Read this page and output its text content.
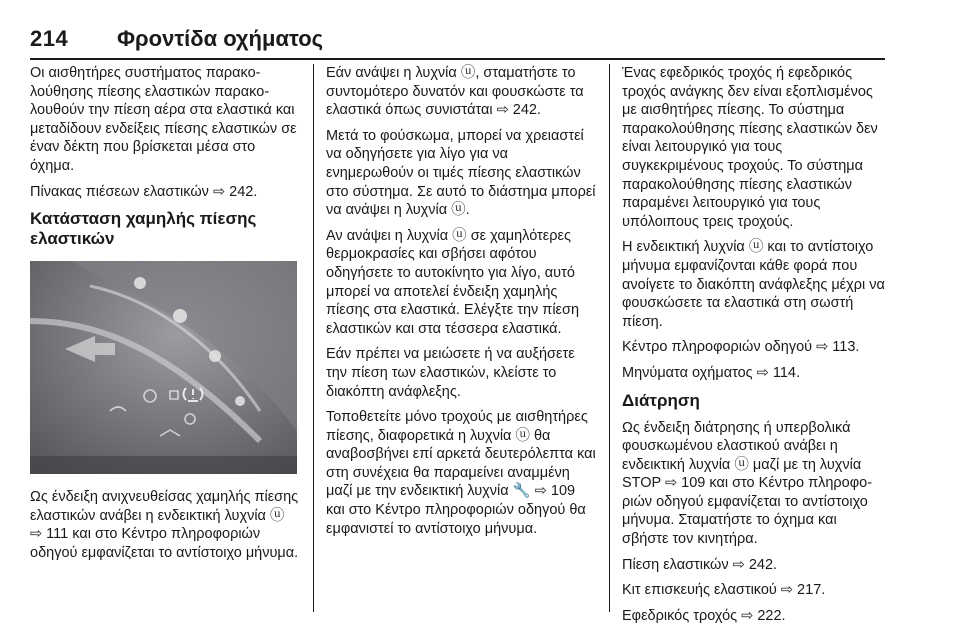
214 Φροντίδα οχήματος

Οι αισθητήρες συστήματος παρακολούθησης πίεσης ελαστικών παρακολουθούν την πίεση αέρα στα ελαστικά και μεταδίδουν ενδείξεις πίεσης ελαστικών σε έναν δέκτη που βρίσκεται μέσα στο όχημα.

Πίνακας πιέσεων ελαστικών ⇨ 242.

Κατάσταση χαμηλής πίεσης ελαστικών

Ως ένδειξη ανιχνευθείσας χαμηλής πίεσης ελαστικών ανάβει η ενδεικτική λυχνία ⓤ ⇨ 111 και στο Κέντρο πληροφοριών οδηγού εμφανίζεται το αντίστοιχο μήνυμα.

Εάν ανάψει η λυχνία ⓤ, σταματήστε το συντομότερο δυνατόν και φουσκώστε τα ελαστικά όπως συνιστάται ⇨ 242.

Μετά το φούσκωμα, μπορεί να χρειαστεί να οδηγήσετε για λίγο για να ενημερωθούν οι τιμές πίεσης ελαστικών στο σύστημα. Σε αυτό το διάστημα μπορεί να ανάψει η λυχνία ⓤ.

Αν ανάψει η λυχνία ⓤ σε χαμηλότερες θερμοκρασίες και σβήσει αφότου οδηγήσετε το αυτοκίνητο για λίγο, αυτό μπορεί να αποτελεί ένδειξη χαμηλής πίεσης στα ελαστικά. Ελέγξτε την πίεση ελαστικών και στα τέσσερα ελαστικά.

Εάν πρέπει να μειώσετε ή να αυξήσετε την πίεση των ελαστικών, κλείστε το διακόπτη ανάφλεξης.

Τοποθετείτε μόνο τροχούς με αισθητήρες πίεσης, διαφορετικά η λυχνία ⓤ θα αναβοσβήνει επί αρκετά δευτερόλεπτα και στη συνέχεια θα παραμείνει αναμμένη μαζί με την ενδεικτική λυχνία 🔧 ⇨ 109 και στο Κέντρο πληροφοριών οδηγού θα εμφανιστεί το αντίστοιχο μήνυμα.

Ένας εφεδρικός τροχός ή εφεδρικός τροχός ανάγκης δεν είναι εξοπλισμένος με αισθητήρες πίεσης. Το σύστημα παρακολούθησης πίεσης ελαστικών δεν είναι λειτουργικό για τους συγκεκριμένους τροχούς. Το σύστημα παρακολούθησης πίεσης ελαστικών παραμένει λειτουργικό για τους υπόλοιπους τρεις τροχούς.

Η ενδεικτική λυχνία ⓤ και το αντίστοιχο μήνυμα εμφανίζονται κάθε φορά που ανοίγετε το διακόπτη ανάφλεξης μέχρι να φουσκώσετε τα ελαστικά στη σωστή πίεση.

Κέντρο πληροφοριών οδηγού ⇨ 113.

Μηνύματα οχήματος ⇨ 114.

Διάτρηση

Ως ένδειξη διάτρησης ή υπερβολικά φουσκωμένου ελαστικού ανάβει η ενδεικτική λυχνία ⓤ μαζί με τη λυχνία STOP ⇨ 109 και στο Κέντρο πληροφοριών οδηγού εμφανίζεται το αντίστοιχο μήνυμα. Σταματήστε το όχημα και σβήστε τον κινητήρα.

Πίεση ελαστικών ⇨ 242.

Κιτ επισκευής ελαστικού ⇨ 217.

Εφεδρικός τροχός ⇨ 222.
